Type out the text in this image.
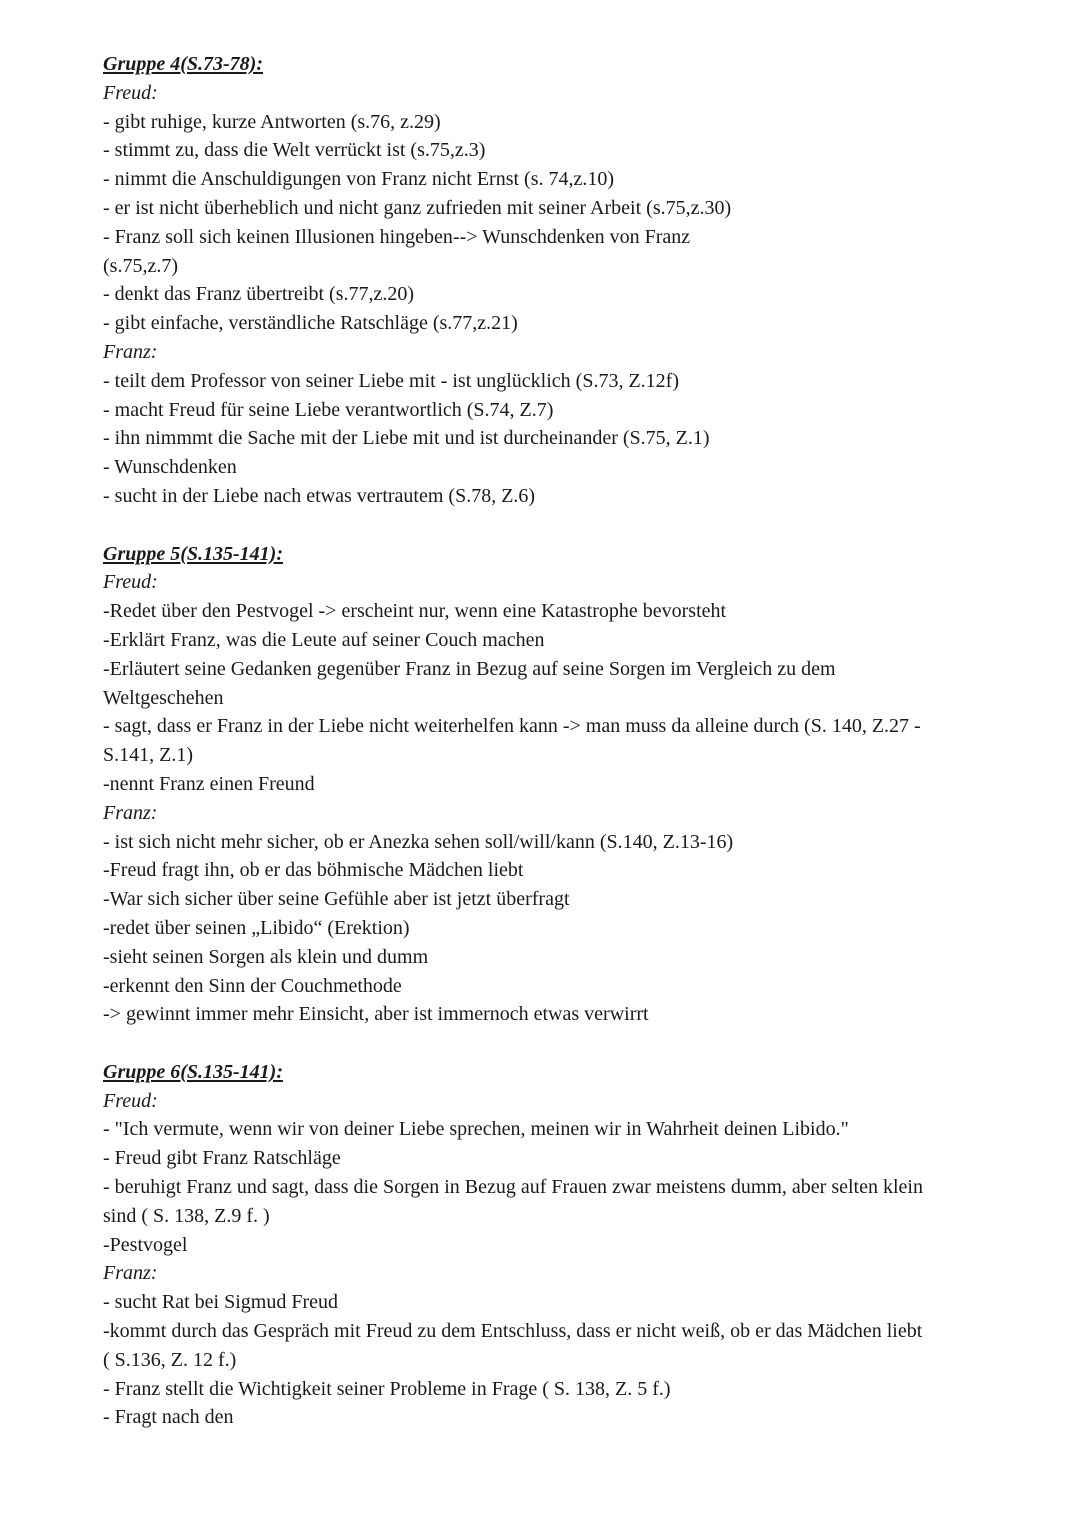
Gruppe 4(S.73-78):
Freud:
- gibt ruhige, kurze Antworten (s.76, z.29)
- stimmt zu, dass die Welt verrückt ist (s.75,z.3)
- nimmt die Anschuldigungen von Franz nicht Ernst (s. 74,z.10)
- er ist nicht überheblich und nicht ganz zufrieden mit seiner Arbeit (s.75,z.30)
- Franz soll sich keinen Illusionen hingeben--> Wunschdenken von Franz
(s.75,z.7)
- denkt das Franz übertreibt (s.77,z.20)
- gibt einfache, verständliche Ratschläge (s.77,z.21)
Franz:
- teilt dem Professor von seiner Liebe mit - ist unglücklich (S.73, Z.12f)
- macht Freud für seine Liebe verantwortlich (S.74, Z.7)
- ihn nimmmt die Sache mit der Liebe mit und ist durcheinander (S.75, Z.1)
- Wunschdenken
- sucht in der Liebe nach etwas vertrautem (S.78, Z.6)
Gruppe 5(S.135-141):
Freud:
-Redet über den Pestvogel -> erscheint nur, wenn eine Katastrophe bevorsteht
-Erklärt Franz, was die Leute auf seiner Couch machen
-Erläutert seine Gedanken gegenüber Franz in Bezug auf seine Sorgen im Vergleich zu dem
Weltgeschehen
- sagt, dass er Franz in der Liebe nicht weiterhelfen kann -> man muss da alleine durch (S. 140, Z.27 -
S.141, Z.1)
-nennt Franz einen Freund
Franz:
- ist sich nicht mehr sicher, ob er Anezka sehen soll/will/kann (S.140, Z.13-16)
-Freud fragt ihn, ob er das böhmische Mädchen liebt
-War sich sicher über seine Gefühle aber ist jetzt überfragt
-redet über seinen „Libido“ (Erektion)
-sieht seinen Sorgen als klein und dumm
-erkennt den Sinn der Couchmethode
-> gewinnt immer mehr Einsicht, aber ist immernoch etwas verwirrt
Gruppe 6(S.135-141):
Freud:
- "Ich vermute, wenn wir von deiner Liebe sprechen, meinen wir in Wahrheit deinen Libido."
- Freud gibt Franz Ratschläge
- beruhigt Franz und sagt, dass die Sorgen in Bezug auf Frauen zwar meistens dumm, aber selten klein
sind ( S. 138, Z.9 f. )
-Pestvogel
Franz:
- sucht Rat bei Sigmud Freud
-kommt durch das Gespräch mit Freud zu dem Entschluss, dass er nicht weiß, ob er das Mädchen liebt
( S.136, Z. 12 f.)
- Franz stellt die Wichtigkeit seiner Probleme in Frage ( S. 138, Z. 5 f.)
- Fragt nach den
